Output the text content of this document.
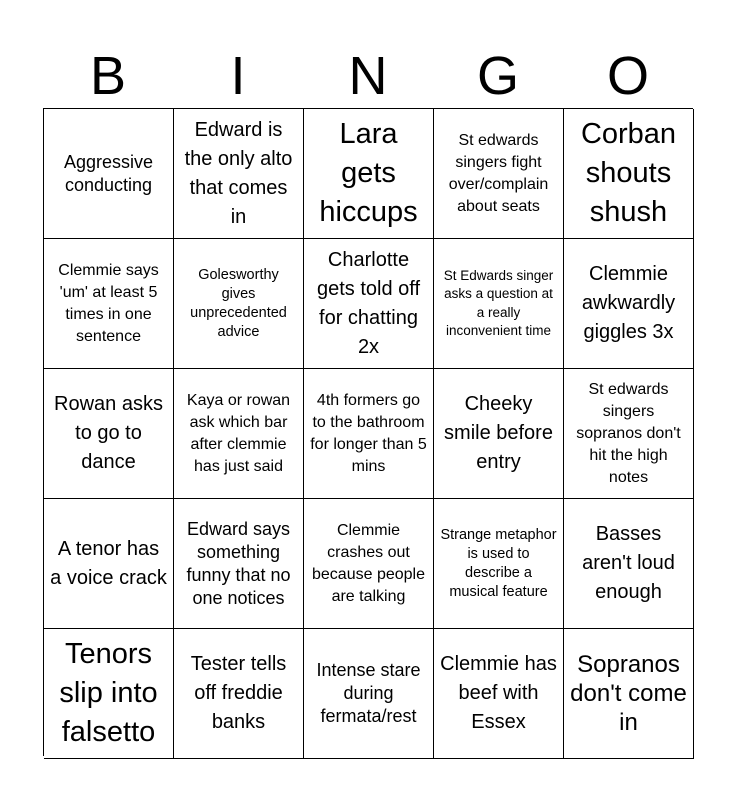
B	I	N	G	O
Aggressive conducting
Edward is the only alto that comes in
Lara gets hiccups
St edwards singers fight over/complain about seats
Corban shouts shush
Clemmie says 'um' at least 5 times in one sentence
Golesworthy gives unprecedented advice
Charlotte gets told off for chatting 2x
St Edwards singer asks a question at a really inconvenient time
Clemmie awkwardly giggles 3x
Rowan asks to go to dance
Kaya or rowan ask which bar after clemmie has just said
4th formers go to the bathroom for longer than 5 mins
Cheeky smile before entry
St edwards singers sopranos don't hit the high notes
A tenor has a voice crack
Edward says something funny that no one notices
Clemmie crashes out because people are talking
Strange metaphor is used to describe a musical feature
Basses aren't loud enough
Tenors slip into falsetto
Tester tells off freddie banks
Intense stare during fermata/rest
Clemmie has beef with Essex
Sopranos don't come in
